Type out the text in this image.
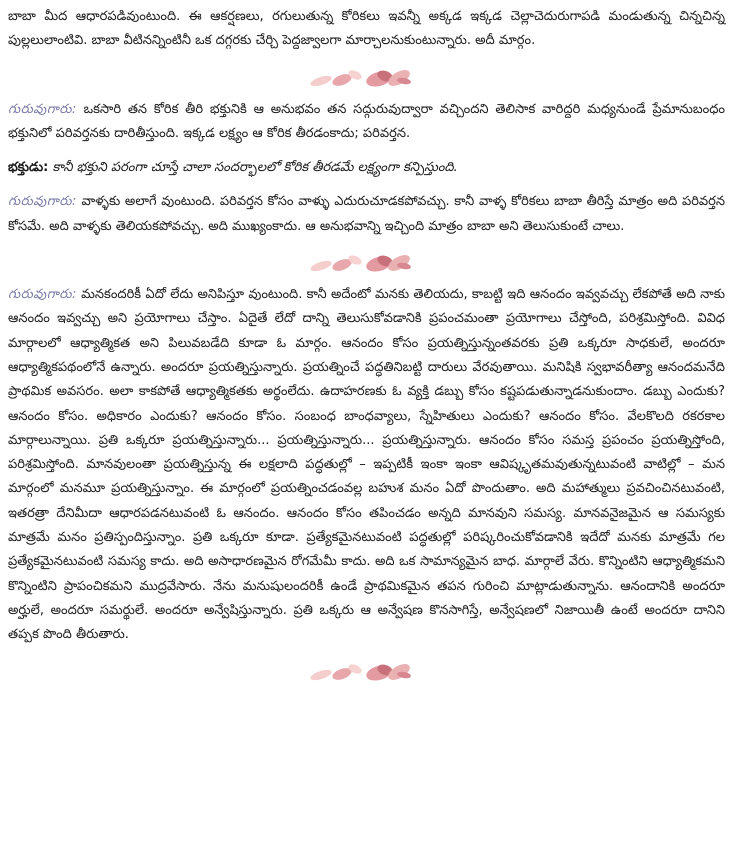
బాబా మీద ఆధారపడివుంటుంది. ఈ ఆకర్షణలు, రగులుతున్న కోరికలు ఇవన్నీ అక్కడ ఇక్కడ చెల్లాచెదురుగాపడి మండుతున్న చిన్నచిన్న పుల్లలులాంటివి. బాబా వీటినన్నింటినీ ఒక దగ్గరకు చేర్చి పెద్దజ్వాలగా మార్చాలనుకుంటున్నారు. అదీ మార్గం.

గురువుగారు: ఒకసారి తన కోరిక తీరి భక్తునికి ఆ అనుభవం తన సద్గురువుద్వారా వచ్చిందని తెలిసాక వారిద్దరి మధ్యనుండే ప్రేమానుబంధం భక్తునిలో పరివర్తనకు దారితీస్తుంది. ఇక్కడ లక్ష్యం ఆ కోరిక తీరడంకాదు; పరివర్తన.

భక్తుడు: కానీ భక్తుని పరంగా చూస్తే చాలా సందర్భాలలో కోరిక తీరడమే లక్ష్యంగా కన్పిస్తుంది.

గురువుగారు: వాళ్ళకు అలాగే వుంటుంది. పరివర్తన కోసం వాళ్ళు ఎదురుచూడకపోవచ్చు. కానీ వాళ్ళ కోరికలు బాబా తీరిస్తే మాత్రం అది పరివర్తన కోసమే. అది వాళ్ళకు తెలియకపోవచ్చు. అది ముఖ్యంకాదు. ఆ అనుభవాన్ని ఇచ్చింది మాత్రం బాబా అని తెలుసుకుంటే చాలు.

గురువుగారు: మనకందరికీ ఏదో లేదు అనిపిస్తూ వుంటుంది. కానీ అదేంటో మనకు తెలియదు, కాబట్టి ఇది ఆనందం ఇవ్వవచ్చు లేకపోతే అది నాకు ఆనందం ఇవ్వచ్చు అని ప్రయోగాలు చేస్తాం. ఏదైతే లేదో దాన్ని తెలుసుకోవడానికి ప్రపంచమంతా ప్రయోగాలు చేస్తోంది, పరిశ్రమిస్తోంది. వివిధ మార్గాలలో ఆధ్యాత్మికత అని పిలువబడేది కూడా ఓ మార్గం. ఆనందం కోసం ప్రయత్నిస్తున్నంతవరకు ప్రతి ఒక్కరూ సాధకులే, అందరూ ఆధ్యాత్మికపథంలోనే ఉన్నారు. అందరూ ప్రయత్నిస్తున్నారు. ప్రయత్నించే పద్ధతినిబట్టి దారులు వేరవుతాయి. మనిషికి స్వభావరీత్యా ఆనందమనేది ప్రాథమిక అవసరం. అలా కాకపోతే ఆధ్యాత్మికతకు అర్థంలేదు. ఉదాహరణకు ఓ వ్యక్తి డబ్బు కోసం కష్టపడుతున్నాడనుకుందాం. డబ్బు ఎందుకు? ఆనందం కోసం. అధికారం ఎందుకు? ఆనందం కోసం. సంబంధ బాంధవ్యాలు, స్నేహితులు ఎందుకు? ఆనందం కోసం. వేలకొలది రకరకాల మార్గాలున్నాయి. ప్రతి ఒక్కరూ ప్రయత్నిస్తున్నారు... ప్రయత్నిస్తున్నారు... ప్రయత్నిస్తున్నారు. ఆనందం కోసం సమస్త ప్రపంచం ప్రయత్నిస్తోంది, పరిశ్రమిస్తోంది. మానవులంతా ప్రయత్నిస్తున్న ఈ లక్షలాది పద్ధతుల్లో – ఇప్పటికీ ఇంకా ఇంకా ఆవిష్కృతమవుతున్నటువంటి వాటిల్లో – మన మార్గంలో మనమూ ప్రయత్నిస్తున్నాం. ఈ మార్గంలో ప్రయత్నించడంవల్ల బహుశ మనం ఏదో పొందుతాం. అది మహాత్ములు ప్రవచించినటువంటి, ఇతరత్రా దేనిమీదా ఆధారపడనటువంటి ఓ ఆనందం. ఆనందం కోసం తపించడం అన్నది మానవుని సమస్య. మానవనైజమైన ఆ సమస్యకు మాత్రమే మనం ప్రతిస్పందిస్తున్నాం. ప్రతి ఒక్కరూ కూడా. ప్రత్యేకమైనటువంటి పద్ధతుల్లో పరిష్కరించుకోవడానికి ఇదేదో మనకు మాత్రమే గల ప్రత్యేకమైనటువంటి సమస్య కాదు. అది అసాధారణమైన రోగమేమీ కాదు. అది ఒక సామాన్యమైన బాధ. మార్గాలే వేరు. కొన్నింటిని ఆధ్యాత్మికమని కొన్నింటిని ప్రాపంచికమని ముద్రవేసారు. నేను మనుషులందరికీ ఉండే ప్రాథమికమైన తపన గురించి మాట్లాడుతున్నాను. ఆనందానికి అందరూ అర్హులే, అందరూ సమర్థులే. అందరూ అన్వేషిస్తున్నారు. ప్రతి ఒక్కరు ఆ అన్వేషణ కొనసాగిస్తే, అన్వేషణలో నిజాయితీ ఉంటే అందరూ దానిని తప్పక పొంది తీరుతారు.
